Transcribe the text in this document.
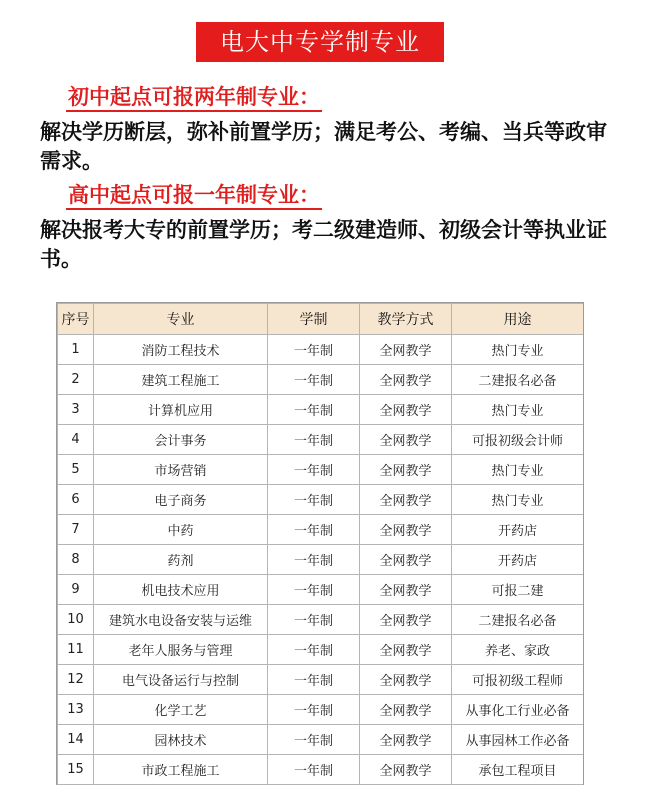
电大中专学制专业
初中起点可报两年制专业：
解决学历断层，弥补前置学历；满足考公、考编、当兵等政审需求。
高中起点可报一年制专业：
解决报考大专的前置学历；考二级建造师、初级会计等执业证书。
序号	专业	学制	教学方式	用途
1	消防工程技术	一年制	全网教学	热门专业
2	建筑工程施工	一年制	全网教学	二建报名必备
3	计算机应用	一年制	全网教学	热门专业
4	会计事务	一年制	全网教学	可报初级会计师
5	市场营销	一年制	全网教学	热门专业
6	电子商务	一年制	全网教学	热门专业
7	中药	一年制	全网教学	开药店
8	药剂	一年制	全网教学	开药店
9	机电技术应用	一年制	全网教学	可报二建
10	建筑水电设备安装与运维	一年制	全网教学	二建报名必备
11	老年人服务与管理	一年制	全网教学	养老、家政
12	电气设备运行与控制	一年制	全网教学	可报初级工程师
13	化学工艺	一年制	全网教学	从事化工行业必备
14	园林技术	一年制	全网教学	从事园林工作必备
15	市政工程施工	一年制	全网教学	承包工程项目
